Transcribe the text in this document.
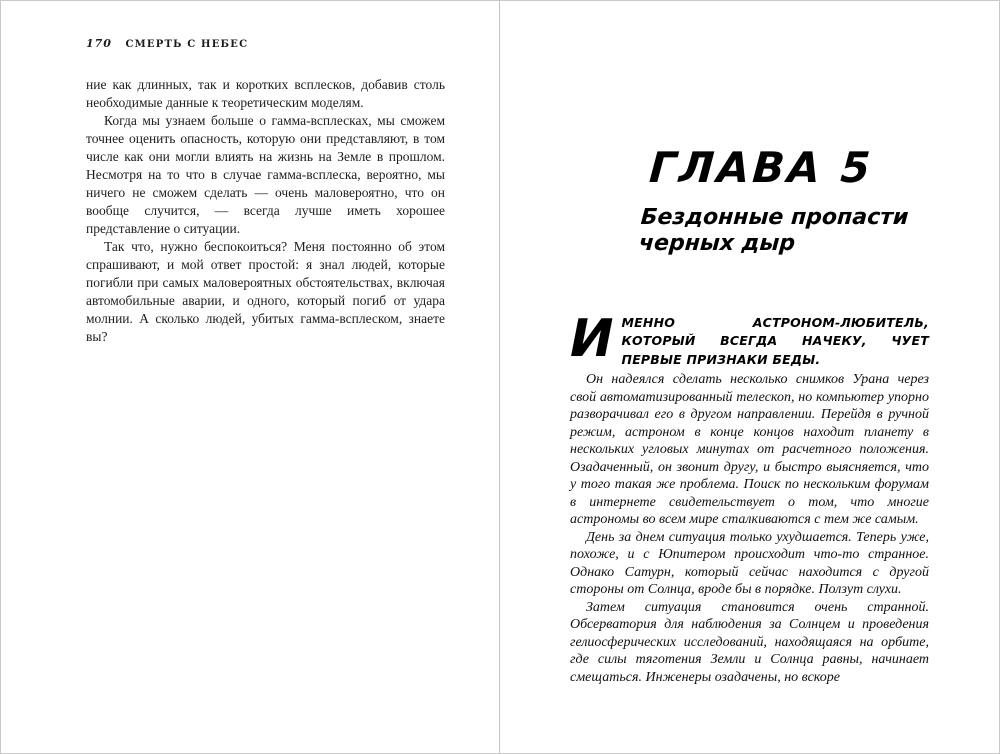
170 СМЕРТЬ С НЕБЕС

ние как длинных, так и коротких всплесков, добавив столь необходимые данные к теоретическим моделям.

Когда мы узнаем больше о гамма-всплесках, мы сможем точнее оценить опасность, которую они представляют, в том числе как они могли влиять на жизнь на Земле в прошлом. Несмотря на то что в случае гамма-всплеска, вероятно, мы ничего не сможем сделать — очень маловероятно, что он вообще случится, — всегда лучше иметь хорошее представление о ситуации.

Так что, нужно беспокоиться? Меня постоянно об этом спрашивают, и мой ответ простой: я знал людей, которые погибли при самых маловероятных обстоятельствах, включая автомобильные аварии, и одного, который погиб от удара молнии. А сколько людей, убитых гамма-всплеском, знаете вы?

ГЛАВА 5
Бездонные пропасти
черных дыр
И МЕННО АСТРОНОМ-ЛЮБИТЕЛЬ, КОТОРЫЙ ВСЕГДА НАЧЕКУ, ЧУЕТ ПЕРВЫЕ ПРИЗНАКИ БЕДЫ.

Он надеялся сделать несколько снимков Урана через свой автоматизированный телескоп, но компьютер упорно разворачивал его в другом направлении. Перейдя в ручной режим, астроном в конце концов находит планету в нескольких угловых минутах от расчетного положения. Озадаченный, он звонит другу, и быстро выясняется, что у того такая же проблема. Поиск по нескольким форумам в интернете свидетельствует о том, что многие астрономы во всем мире сталкиваются с тем же самым.

День за днем ситуация только ухудшается. Теперь уже, похоже, и с Юпитером происходит что-то странное. Однако Сатурн, который сейчас находится с другой стороны от Солнца, вроде бы в порядке. Ползут слухи.

Затем ситуация становится очень странной. Обсерватория для наблюдения за Солнцем и проведения гелиосферических исследований, находящаяся на орбите, где силы тяготения Земли и Солнца равны, начинает смещаться. Инженеры озадачены, но вскоре
